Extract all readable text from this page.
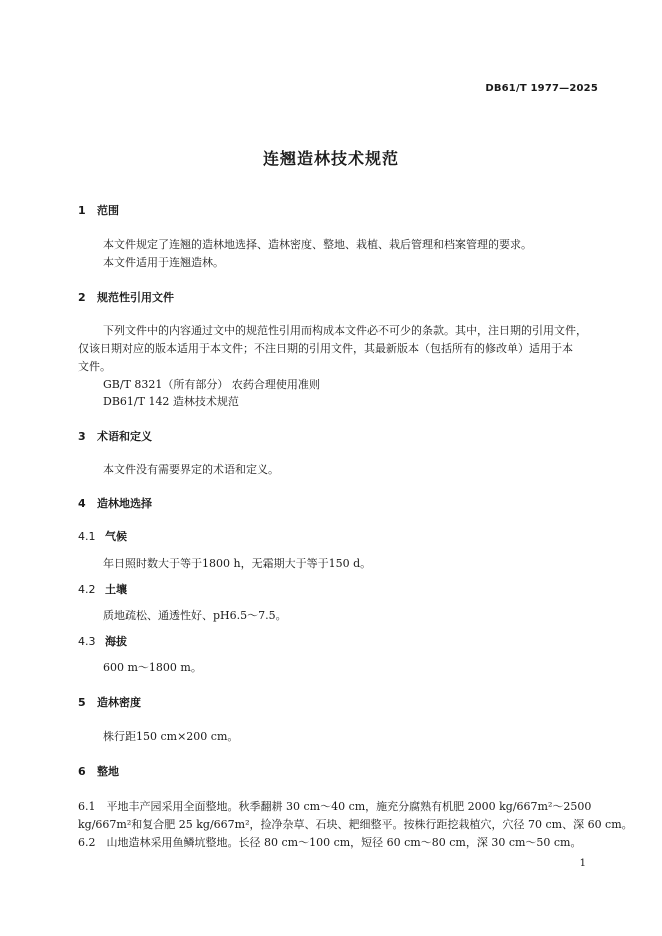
DB61/T 1977—2025
连翘造林技术规范
1 范围
本文件规定了连翘的造林地选择、造林密度、整地、栽植、栽后管理和档案管理的要求。
本文件适用于连翘造林。
2 规范性引用文件
下列文件中的内容通过文中的规范性引用而构成本文件必不可少的条款。其中，注日期的引用文件，
仅该日期对应的版本适用于本文件；不注日期的引用文件，其最新版本（包括所有的修改单）适用于本
文件。
GB/T 8321（所有部分） 农药合理使用准则
DB61/T 142 造林技术规范
3 术语和定义
本文件没有需要界定的术语和定义。
4 造林地选择
4.1 气候
年日照时数大于等于1800 h，无霜期大于等于150 d。
4.2 土壤
质地疏松、通透性好、pH6.5～7.5。
4.3 海拔
600 m～1800 m。
5 造林密度
株行距150 cm×200 cm。
6 整地
6.1　平地丰产园采用全面整地。秋季翻耕 30 cm～40 cm，施充分腐熟有机肥 2000 kg/667m²～2500
kg/667m²和复合肥 25 kg/667m²，捡净杂草、石块、耙细整平。按株行距挖栽植穴，穴径 70 cm、深 60 cm。
6.2　山地造林采用鱼鳞坑整地。长径 80 cm～100 cm，短径 60 cm～80 cm，深 30 cm～50 cm。
1
